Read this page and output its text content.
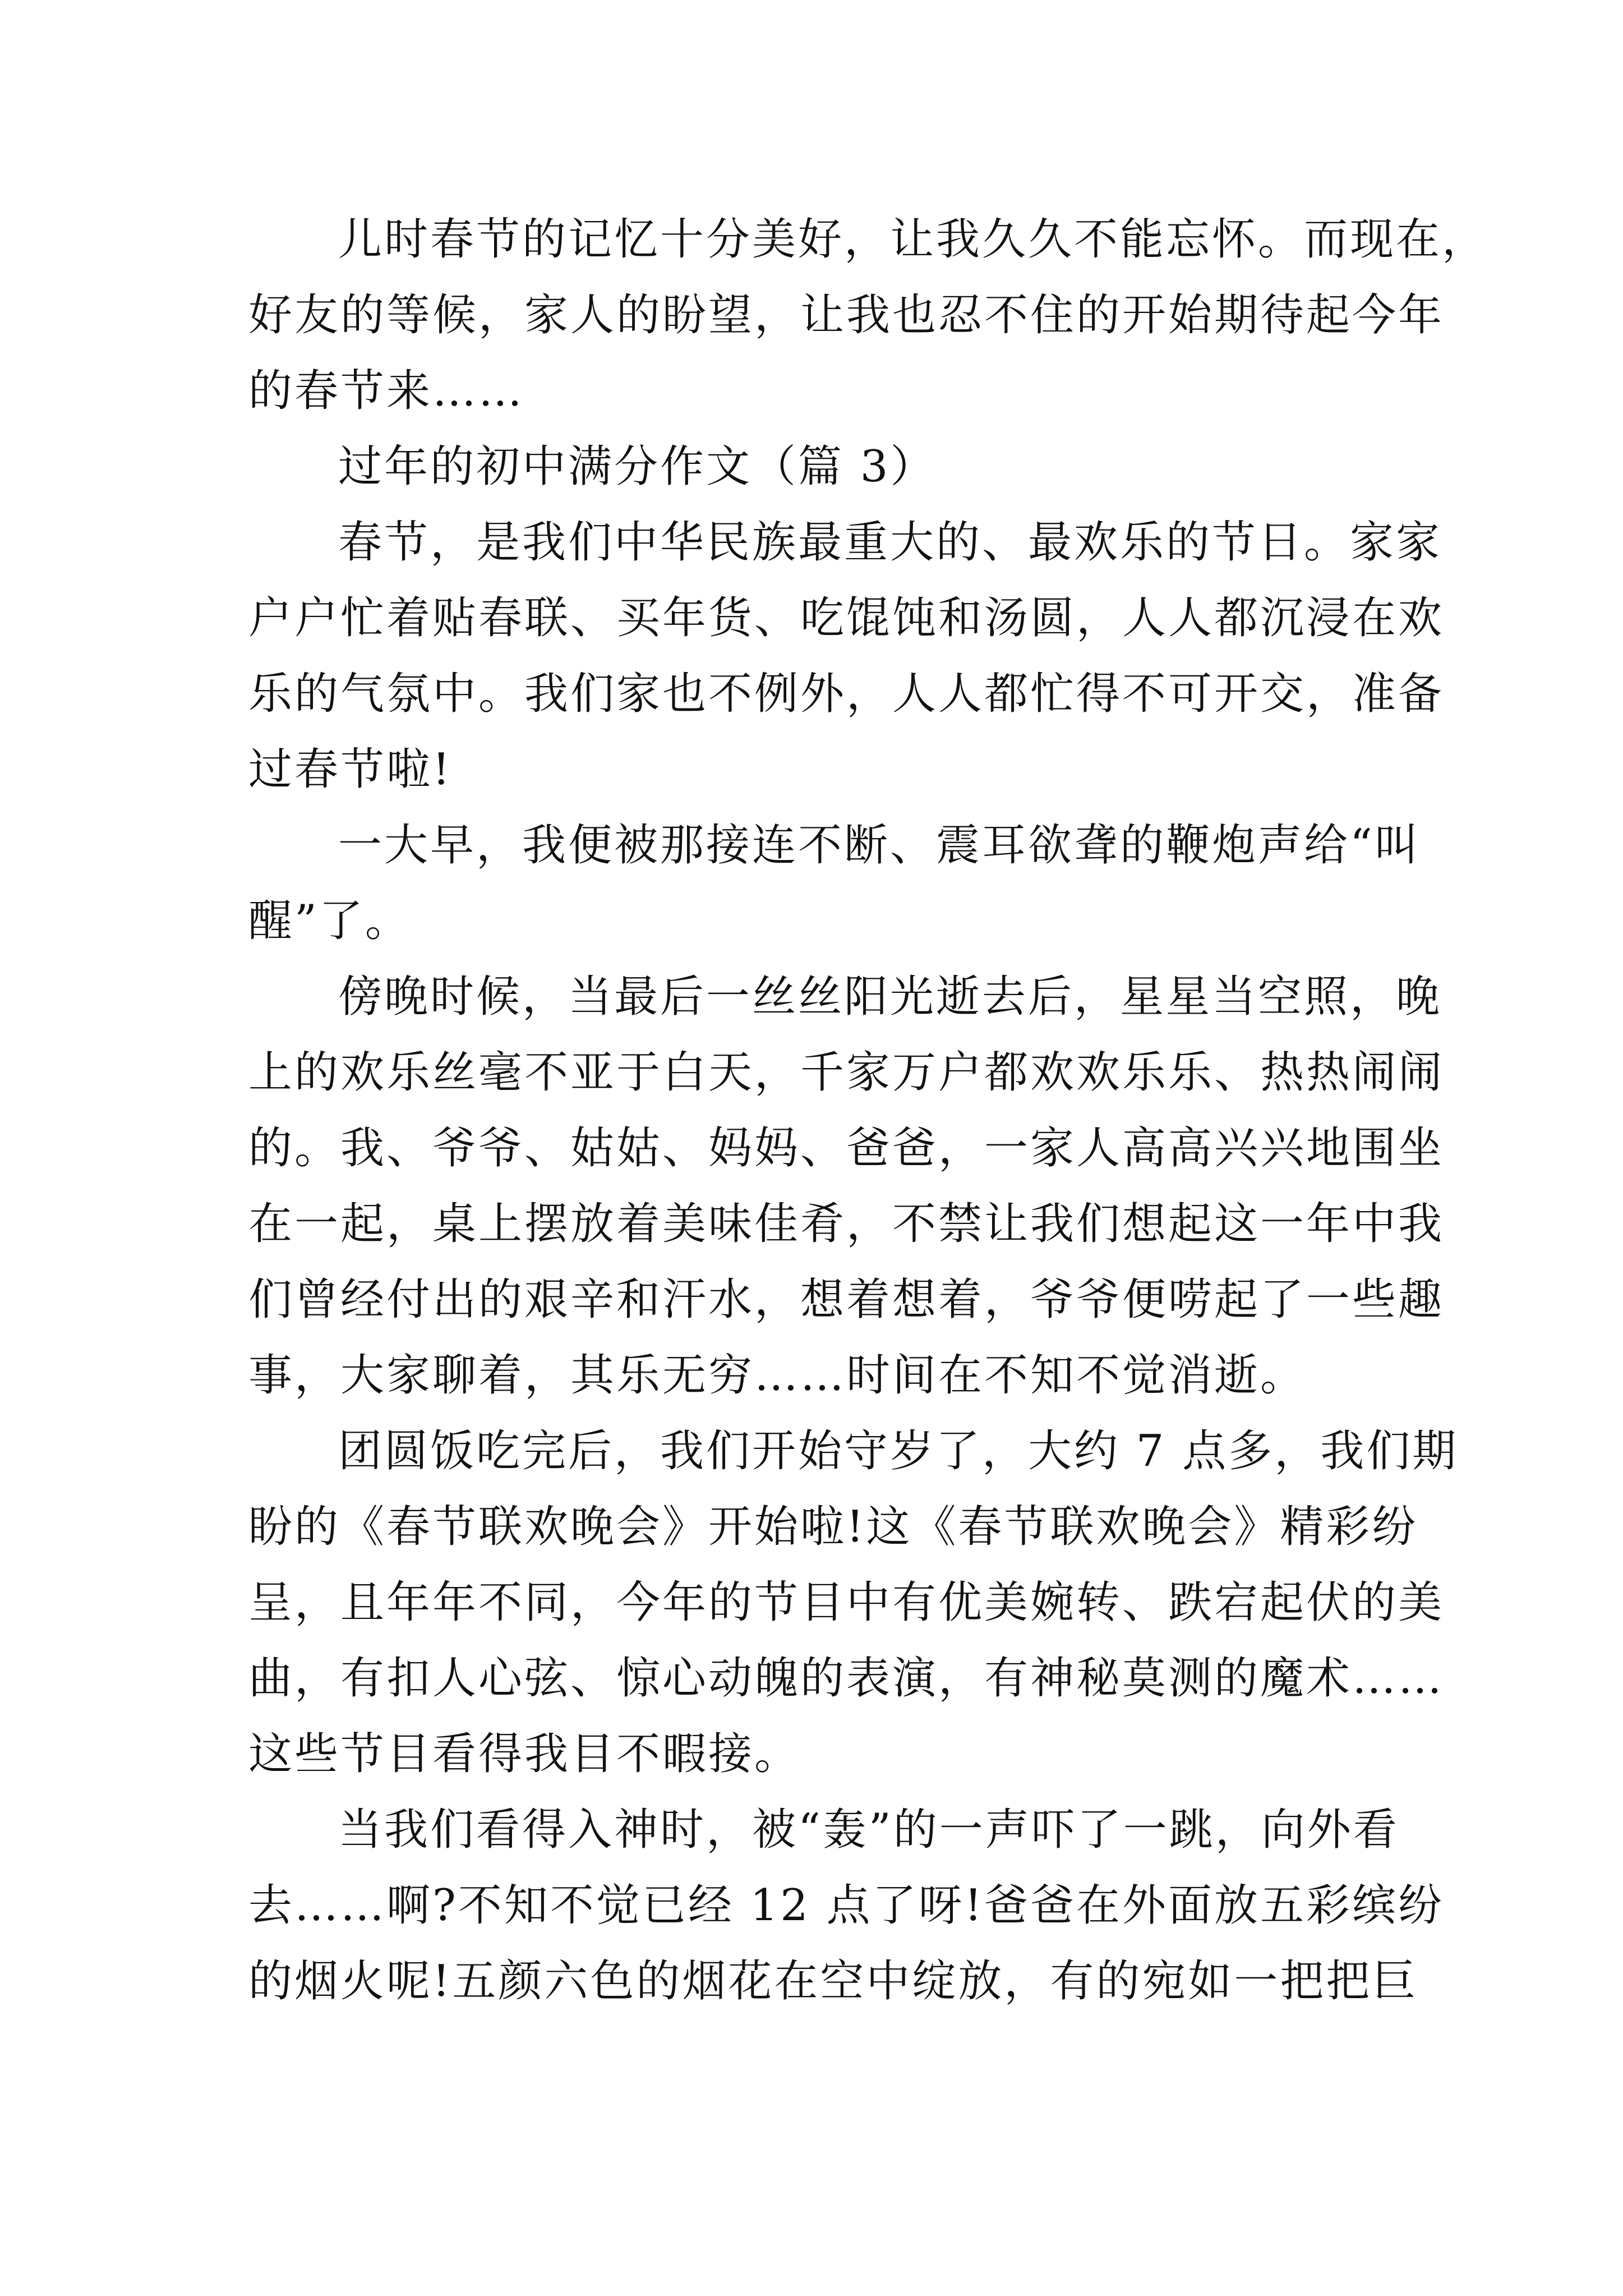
儿时春节的记忆十分美好，让我久久不能忘怀。而现在，
好友的等候，家人的盼望，让我也忍不住的开始期待起今年
的春节来……
过年的初中满分作文（篇 3）
春节，是我们中华民族最重大的、最欢乐的节日。家家
户户忙着贴春联、买年货、吃馄饨和汤圆，人人都沉浸在欢
乐的气氛中。我们家也不例外，人人都忙得不可开交，准备
过春节啦!
一大早，我便被那接连不断、震耳欲聋的鞭炮声给“叫
醒”了。
傍晚时候，当最后一丝丝阳光逝去后，星星当空照，晚
上的欢乐丝毫不亚于白天，千家万户都欢欢乐乐、热热闹闹
的。我、爷爷、姑姑、妈妈、爸爸，一家人高高兴兴地围坐
在一起，桌上摆放着美味佳肴，不禁让我们想起这一年中我
们曾经付出的艰辛和汗水，想着想着，爷爷便唠起了一些趣
事，大家聊着，其乐无穷……时间在不知不觉消逝。
团圆饭吃完后，我们开始守岁了，大约 7 点多，我们期
盼的《春节联欢晚会》开始啦!这《春节联欢晚会》精彩纷
呈，且年年不同，今年的节目中有优美婉转、跌宕起伏的美
曲，有扣人心弦、惊心动魄的表演，有神秘莫测的魔术……
这些节目看得我目不暇接。
当我们看得入神时，被“轰”的一声吓了一跳，向外看
去……啊?不知不觉已经 12 点了呀!爸爸在外面放五彩缤纷
的烟火呢!五颜六色的烟花在空中绽放，有的宛如一把把巨
